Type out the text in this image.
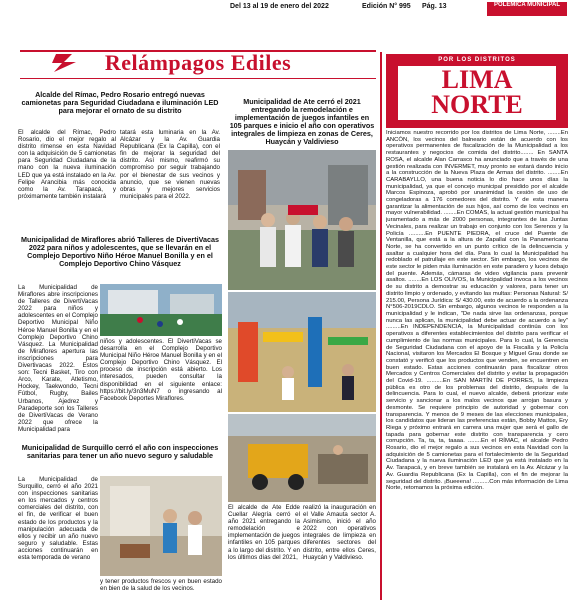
Del 13 al 19 de enero del 2022	Edición N° 995 Pág. 13	POLÉMICA MUNICIPAL
Relámpagos Ediles	POR LOS DISTRITOS
LIMA
NORTE
Alcalde del Rímac, Pedro Rosario entregó nuevas camionetas para Seguridad Ciudadana e iluminación LED para mejorar el ornato de su distrito
El alcalde del Rímac, Pedro Rosario, dio el mejor regalo al distrito rimense en esta Navidad con la adquisición de 5 camionetas para Seguridad Ciudadana de la mano con la nueva iluminación LED que ya está instalado en la Av. Felipe Arancibia más conocida como la Av. Tarapacá, y próximamente también instalará
tatará esta luminaria en la Av. Alcázar y la Av. Guardia Republicana (Ex la Capilla), con el fin de mejorar la seguridad del distrito. Así mismo, reafirmó su compromiso por seguir trabajando por el bienestar de sus vecinos y anuncio, que se vienen nuevas obras y mejores servicios municipales para el 2022.
Municipalidad de Ate cerró el 2021 entregando la remodelación e implementación de juegos infantiles en 105 parques e inicio el año con operativos integrales de limpieza en zonas de Ceres, Huaycán y Valdivieso
El alcalde de Ate Edde Cuellar Alegría cerró el año 2021 entregando la remodelación e implementación de juegos infantiles en 105 parques a lo largo del distrito. Y en los últimos días del 2021,
realizó la inauguración en el Valle Amauta sector A. Asimismo, inició el año 2022 con operativos integrales de limpieza en diferentes sectores del distrito, entre ellos Ceres, Huaycán y Valdivieso.
Municipalidad de Miraflores abrió Talleres de DivertiVacas 2022 para niños y adolescentes, que se llevarán en el Complejo Deportivo Niño Héroe Manuel Bonilla y en el Complejo Deportivo Chino Vásquez
La Municipalidad de Miraflores abre inscripciones de Talleres de DivertiVacas 2022 para niños y adolescentes en el Complejo Deportivo Municipal Niño Héroe Manuel Bonilla y en el Complejo Deportivo Chino Vásquez. La Municipalidad de Miraflores apertura las inscripciones para Divertivacas 2022. Estos son: Tecni Basket, Tiro con Arco, Karate, Atletismo, Hockey, Taekwondo, Tecni Fútbol, Rugby, Bailes Urbanos, Ajedrez y Paradeporte son los Talleres de DivertiVacas de Verano 2022 que ofrece la Municipalidad para
niños y adolescentes. El DivertiVacas se desarrolla en el Complejo Deportivo Municipal Niño Héroe Manuel Bonilla y en el Complejo Deportivo Chino Vásquez. El proceso de inscripción está abierto. Los interesados, pueden consultar la disponibilidad en el siguiente enlace: https://bit.ly/3n3MuN7 o ingresando al Facebook Deportes Miraflores.
Municipalidad de Surquillo cerró el año con inspecciones sanitarias para tener un año nuevo seguro y saludable
La Municipalidad de Surquillo, cerró el año 2021 con inspecciones sanitarias en los mercados y centros comerciales del distrito, con el fin, de verificar el buen estado de los productos y la manipulación adecuada de ellos y recibir un año nuevo seguro y saludable. Estas acciones continuarán en esta temporada de verano
y tener productos frescos y en buen estado en bien de la salud de los vecinos.
Iniciamos nuestro recorrido por los distritos de Lima Norte, ........En ANCÓN, los vecinos del balneario están de acuerdo con los operativos permanentes de fiscalización de la Municipalidad a los restaurantes y negocios de comida del distrito........ En SANTA ROSA, el alcalde Alan Carrasco ha anunciado que a través de una gestión realizada con INVERMET, muy pronto se estará dando inicio a la construcción de la Nueva Plaza de Armas del distrito. ........En CARABAYLLO, una buena noticia lo dio hace unos días la municipalidad, ya que el concejo municipal presidido por el alcalde Marcos Espinoza, aprobó por unanimidad la cesión de uso de congeladoras a 176 comedores del distrito. Y de esta manera garantizar la alimentación de sus hijos, así como de los vecinos en mayor vulnerabilidad. ........En COMAS, la actual gestión municipal ha juramentado a más de 2000 personas, integrantes de las Juntas Vecinales, para realizar un trabajo en conjunto con los Serenos y la Policía ..........En PUENTE PIEDRA, el cruce del Puente de Ventanilla, que está a la altura de Zapallal con la Panamericana Norte, se ha convertido en un punto crítico de la delincuencia y asaltar a cualquier hora del día. Para lo cual la Municipalidad ha redoblado el patrullaje en este sector. Sin embargo, los vecinos de este sector le piden más iluminación en este paradero y luces debajo del puente. Además, cámaras de video vigilancia para prevenir asaltos. ........En LOS OLIVOS, la Municipalidad invoca a los vecinos de su distrito a demostrar su educación y valores, para tener un distrito limpio y ordenado, y evitando las multas: Personas Natural: S/ 215.00, Persona Jurídica: S/ 430.00, esto de acuerdo a la ordenanza N°506-2019CDLO. Sin embargo, algunos vecinos le responden a la municipalidad y le indican, "De nada sirve las ordenanzas, porque nunca las aplican, la municipalidad debe actuar de acuerdo a ley" .........En INDEPENDENCIA, la Municipalidad continúa con los operativos a diferentes establecimientos del distrito para verificar el cumplimiento de las normas municipales. Para lo cual, la Gerencia de Seguridad Ciudadana con el apoyo de la Fiscalía y la Policía Nacional, visitaron los Mercados El Bosque y Miguel Grau donde se constató y verificó que los productos que venden, se encuentren en buen estado. Estas acciones continuarán para fiscalizar otros Mercados y Centros Comerciales del distrito y evitar la propagación del Covid-19. ..........En SAN MARTÍN DE PORRES, la limpieza pública es otro de los problemas del distrito, después de la delincuencia. Para lo cual, el nuevo alcalde, deberá priorizar este servicio y sancionar a los malos vecinos que arrojan basura y desmonte. Se requiere principio de autoridad y gobernar con transparencia. Y menos de 9 meses de las elecciones municipales, los candidatos que lideran las preferencias están, Bobby Mattos, Ery Riega y próximo entrará en carrera una mujer que será el gallo de tapada para gobernar este distrito con transparencia y cero corrupción. Ta, ta, ta, taaaa. ........En el RÍMAC, el alcalde Pedro Rosario, dio el mejor regalo a sus vecinos en esta Navidad con la adquisición de 5 camionetas para el fortalecimiento de la Seguridad Ciudadana y la nueva iluminación LED que ya está instalado en la Av. Tarapacá, y en breve también se instalará en la Av. Alcázar y la Av. Guardia Republicana (Ex la Capilla), con el fin de mejorar la seguridad del distrito. ¡Bueeena! ..........Con más información de Lima Norte, retomamos la próxima edición.
